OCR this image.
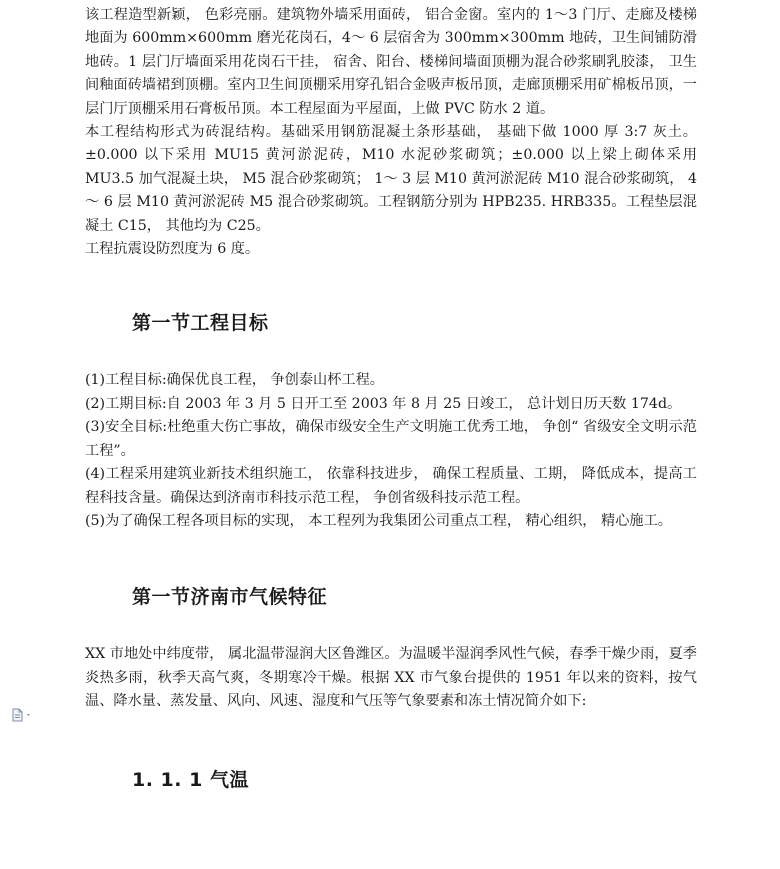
该工程造型新颖， 色彩亮丽。建筑物外墙采用面砖， 铝合金窗。室内的 1～3 门厅、走廊及楼梯地面为 600mm×600mm 磨光花岗石，4～ 6 层宿舍为 300mm×300mm 地砖，卫生间铺防滑地砖。1 层门厅墙面采用花岗石干挂， 宿舍、阳台、楼梯间墙面顶棚为混合砂浆刷乳胶漆， 卫生间釉面砖墙裙到顶棚。室内卫生间顶棚采用穿孔铝合金吸声板吊顶，走廊顶棚采用矿棉板吊顶，一层门厅顶棚采用石膏板吊顶。本工程屋面为平屋面，上做 PVC 防水 2 道。

本工程结构形式为砖混结构。基础采用钢筋混凝土条形基础， 基础下做 1000 厚 3:7 灰土。±0.000 以下采用 MU15 黄河淤泥砖，M10 水泥砂浆砌筑；±0.000 以上梁上砌体采用 MU3.5 加气混凝土块， M5 混合砂浆砌筑； 1～ 3 层 M10 黄河淤泥砖 M10 混合砂浆砌筑， 4～ 6 层 M10 黄河淤泥砖 M5 混合砂浆砌筑。工程钢筋分别为 HPB235. HRB335。工程垫层混凝土 C15， 其他均为 C25。

工程抗震设防烈度为 6 度。

第一节工程目标

(1)工程目标:确保优良工程， 争创泰山杯工程。

(2)工期目标:自 2003 年 3 月 5 日开工至 2003 年 8 月 25 日竣工， 总计划日历天数 174d。

(3)安全目标:杜绝重大伤亡事故，确保市级安全生产文明施工优秀工地， 争创“ 省级安全文明示范工程”。

(4)工程采用建筑业新技术组织施工， 依靠科技进步， 确保工程质量、工期， 降低成本，提高工程科技含量。确保达到济南市科技示范工程， 争创省级科技示范工程。

(5)为了确保工程各项目标的实现， 本工程列为我集团公司重点工程， 精心组织， 精心施工。

第一节济南市气候特征

XX 市地处中纬度带， 属北温带湿润大区鲁潍区。为温暖半湿润季风性气候，春季干燥少雨，夏季炎热多雨，秋季天高气爽，冬期寒冷干燥。根据 XX 市气象台提供的 1951 年以来的资料，按气温、降水量、蒸发量、风向、风速、湿度和气压等气象要素和冻土情况简介如下:

1. 1. 1 气温
